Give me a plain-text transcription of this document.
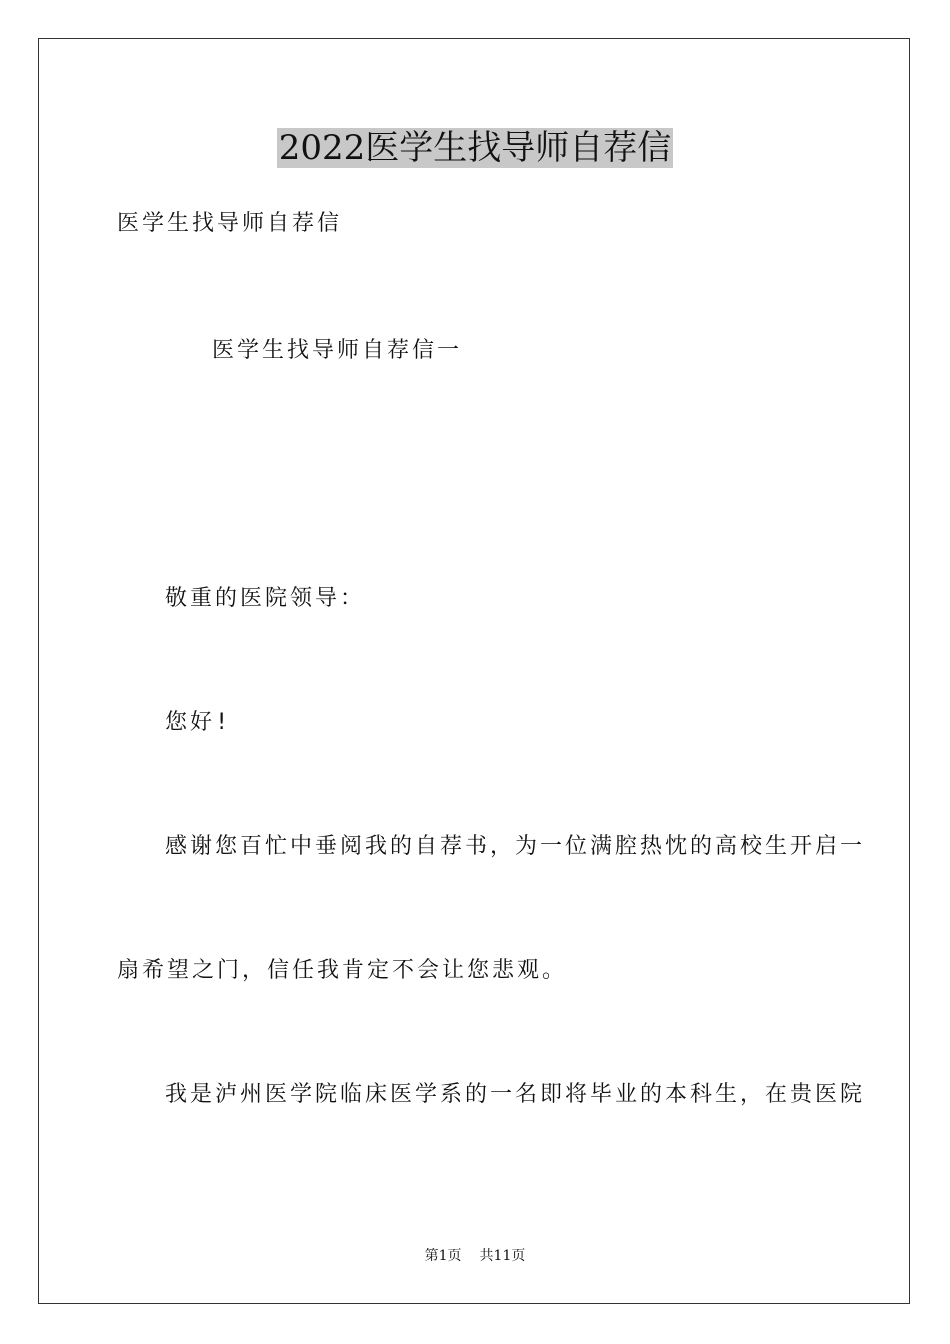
2022医学生找导师自荐信
医学生找导师自荐信
医学生找导师自荐信一
敬重的医院领导：
您好!
感谢您百忙中垂阅我的自荐书，为一位满腔热忱的高校生开启一
扇希望之门，信任我肯定不会让您悲观。
我是泸州医学院临床医学系的一名即将毕业的本科生，在贵医院
第1页 共11页
